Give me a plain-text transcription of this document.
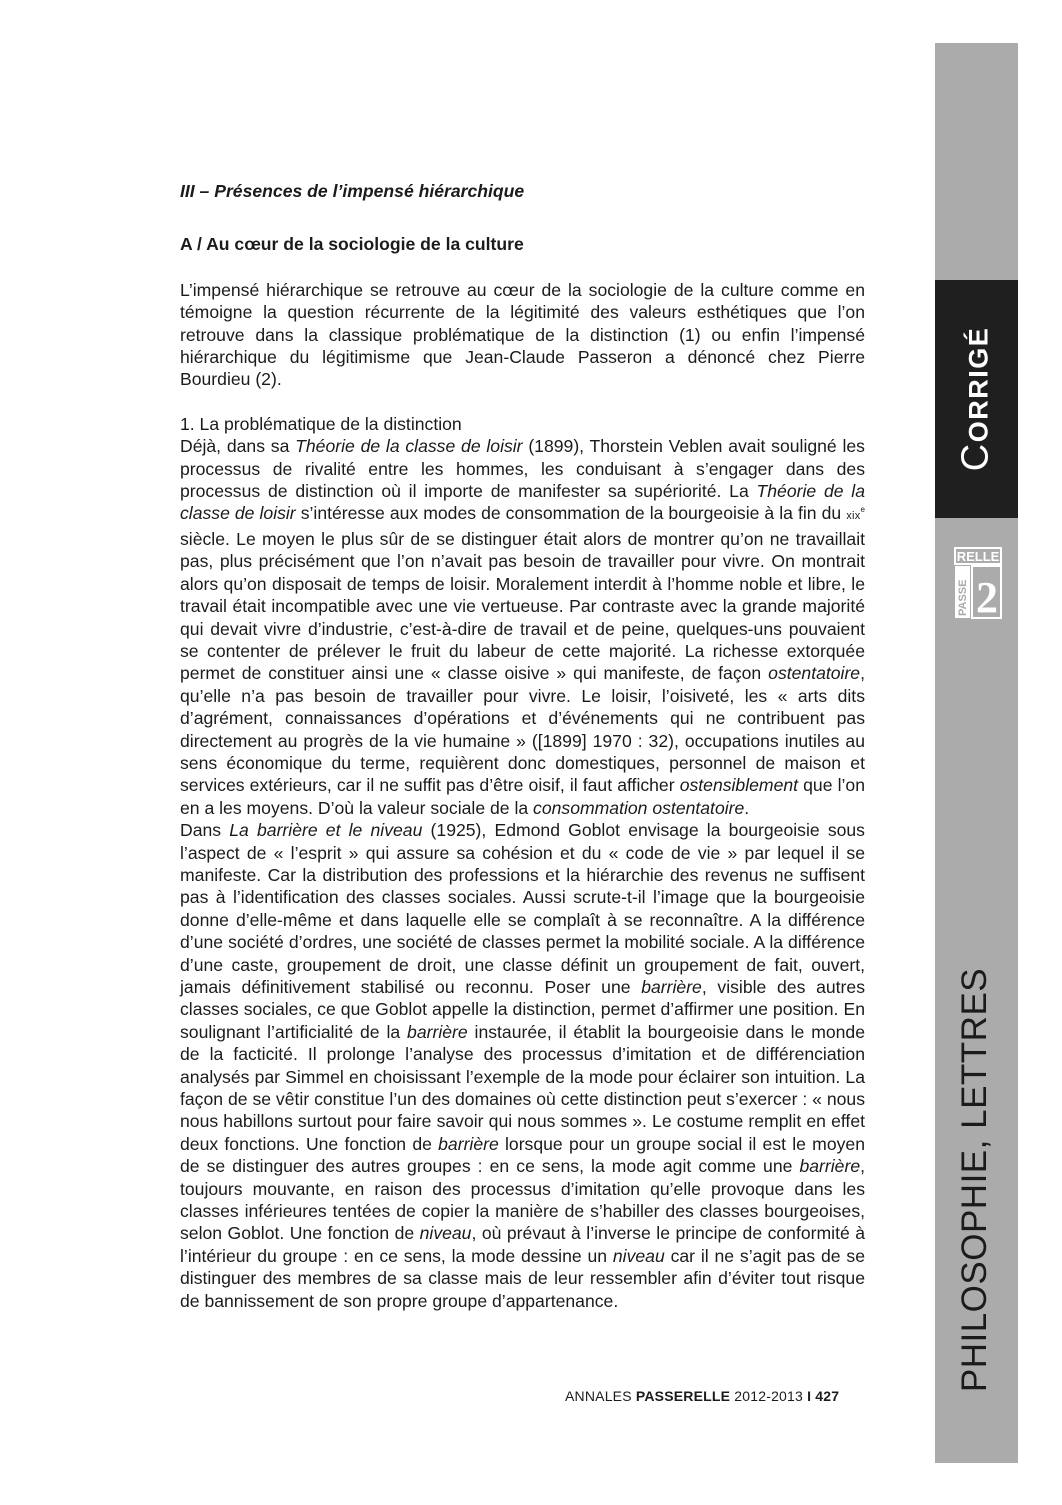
III – Présences de l’impensé hiérarchique
A / Au cœur de la sociologie de la culture

L’impensé hiérarchique se retrouve au cœur de la sociologie de la culture comme en témoigne la question récurrente de la légitimité des valeurs esthétiques que l’on retrouve dans la classique problématique de la distinction (1) ou enfin l’impensé hiérarchique du légitimisme que Jean-Claude Passeron a dénoncé chez Pierre Bourdieu (2).

1. La problématique de la distinction

Déjà, dans sa Théorie de la classe de loisir (1899), Thorstein Veblen avait souligné les processus de rivalité entre les hommes, les conduisant à s’engager dans des processus de distinction où il importe de manifester sa supériorité. La Théorie de la classe de loisir s’intéresse aux modes de consommation de la bourgeoisie à la fin du xix$^e$ siècle. Le moyen le plus sûr de se distinguer était alors de montrer qu’on ne travaillait pas, plus précisément que l’on n’avait pas besoin de travailler pour vivre. On montrait alors qu’on disposait de temps de loisir. Moralement interdit à l’homme noble et libre, le travail était incompatible avec une vie vertueuse. Par contraste avec la grande majorité qui devait vivre d’industrie, c’est-à-dire de travail et de peine, quelques-uns pouvaient se contenter de prélever le fruit du labeur de cette majorité. La richesse extorquée permet de constituer ainsi une « classe oisive » qui manifeste, de façon ostentatoire, qu’elle n’a pas besoin de travailler pour vivre. Le loisir, l’oisiveté, les « arts dits d’agrément, connaissances d’opérations et d’événements qui ne contribuent pas directement au progrès de la vie humaine » ([1899] 1970 : 32), occupations inutiles au sens économique du terme, requièrent donc domestiques, personnel de maison et services extérieurs, car il ne suffit pas d’être oisif, il faut afficher ostensiblement que l’on en a les moyens. D’où la valeur sociale de la consommation ostentatoire.

Dans La barrière et le niveau (1925), Edmond Goblot envisage la bourgeoisie sous l’aspect de « l’esprit » qui assure sa cohésion et du « code de vie » par lequel il se manifeste. Car la distribution des professions et la hiérarchie des revenus ne suffisent pas à l’identification des classes sociales. Aussi scrute-t-il l’image que la bourgeoisie donne d’elle-même et dans laquelle elle se complaît à se reconnaître. A la différence d’une société d’ordres, une société de classes permet la mobilité sociale. A la différence d’une caste, groupement de droit, une classe définit un groupement de fait, ouvert, jamais définitivement stabilisé ou reconnu. Poser une barrière, visible des autres classes sociales, ce que Goblot appelle la distinction, permet d’affirmer une position. En soulignant l’artificialité de la barrière instaurée, il établit la bourgeoisie dans le monde de la facticité. Il prolonge l’analyse des processus d’imitation et de différenciation analysés par Simmel en choisissant l’exemple de la mode pour éclairer son intuition. La façon de se vêtir constitue l’un des domaines où cette distinction peut s’exercer : « nous nous habillons surtout pour faire savoir qui nous sommes ». Le costume remplit en effet deux fonctions. Une fonction de barrière lorsque pour un groupe social il est le moyen de se distinguer des autres groupes : en ce sens, la mode agit comme une barrière, toujours mouvante, en raison des processus d’imitation qu’elle provoque dans les classes inférieures tentées de copier la manière de s’habiller des classes bourgeoises, selon Goblot. Une fonction de niveau, où prévaut à l’inverse le principe de conformité à l’intérieur du groupe : en ce sens, la mode dessine un niveau car il ne s’agit pas de se distinguer des membres de sa classe mais de leur ressembler afin d’éviter tout risque de bannissement de son propre groupe d’appartenance.

ANNALES PASSERELLE 2012-2013 I 427
CORRIGÉ
RELLE
PASSE 2
PHILOSOPHIE, LETTRES
